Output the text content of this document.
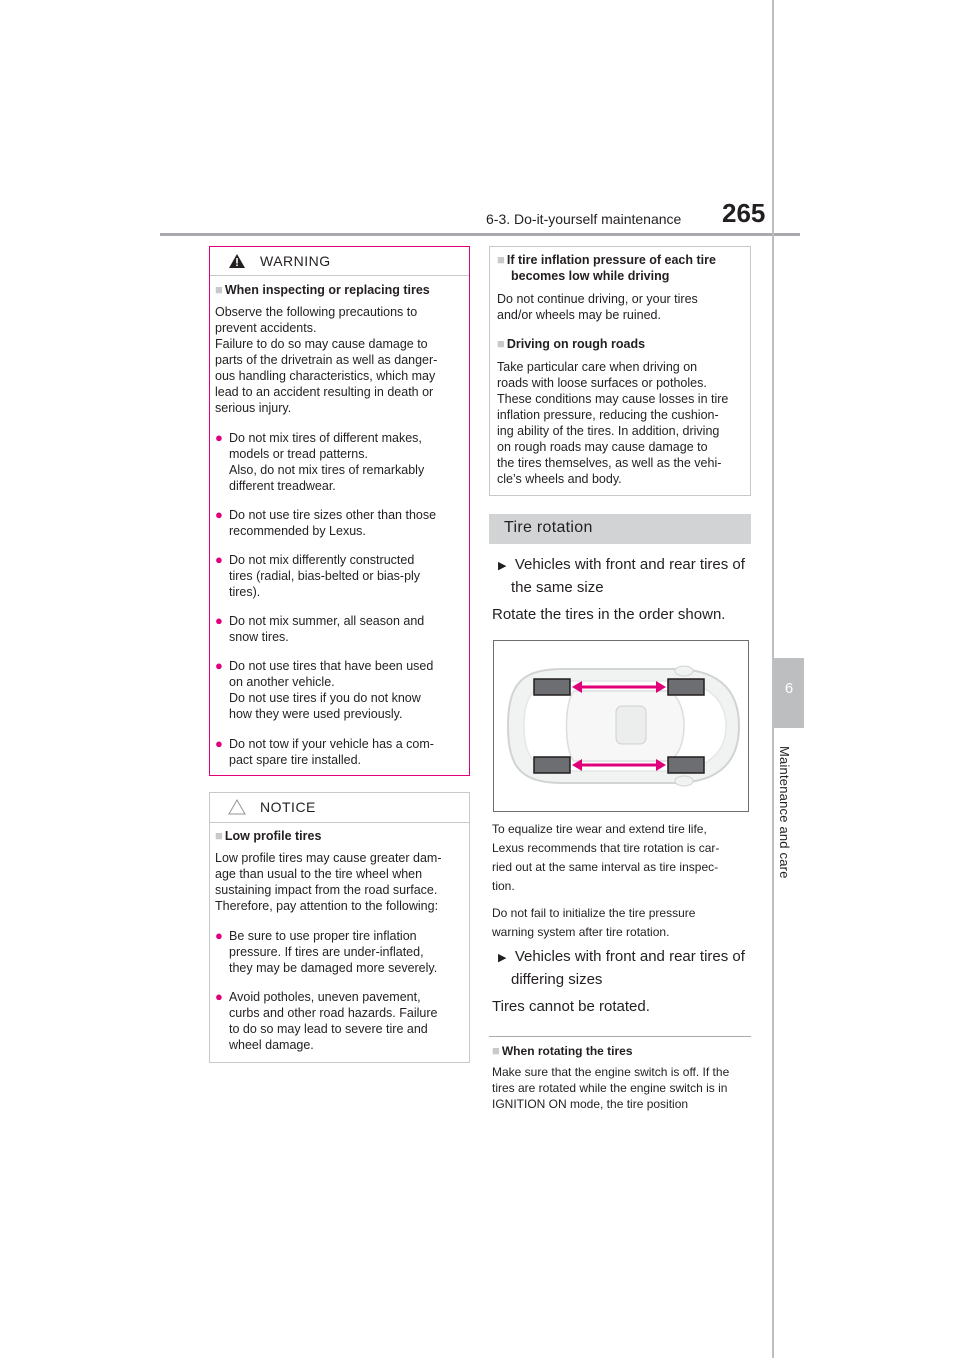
6-3. Do-it-yourself maintenance 265
6
Maintenance and care
WARNING
■ When inspecting or replacing tires
Observe the following precautions to
prevent accidents.
Failure to do so may cause damage to
parts of the drivetrain as well as danger-
ous handling characteristics, which may
lead to an accident resulting in death or
serious injury.
● Do not mix tires of different makes,
models or tread patterns.
Also, do not mix tires of remarkably
different treadwear.
● Do not use tire sizes other than those
recommended by Lexus.
● Do not mix differently constructed
tires (radial, bias-belted or bias-ply
tires).
● Do not mix summer, all season and
snow tires.
● Do not use tires that have been used
on another vehicle.
Do not use tires if you do not know
how they were used previously.
● Do not tow if your vehicle has a com-
pact spare tire installed.
NOTICE
■ Low profile tires
Low profile tires may cause greater dam-
age than usual to the tire wheel when
sustaining impact from the road surface.
Therefore, pay attention to the following:
● Be sure to use proper tire inflation
pressure. If tires are under-inflated,
they may be damaged more severely.
● Avoid potholes, uneven pavement,
curbs and other road hazards. Failure
to do so may lead to severe tire and
wheel damage.
■ If tire inflation pressure of each tire
becomes low while driving
Do not continue driving, or your tires
and/or wheels may be ruined.
■ Driving on rough roads
Take particular care when driving on
roads with loose surfaces or potholes.
These conditions may cause losses in tire
inflation pressure, reducing the cushion-
ing ability of the tires. In addition, driving
on rough roads may cause damage to
the tires themselves, as well as the vehi-
cle’s wheels and body.
Tire rotation
▶ Vehicles with front and rear tires of
the same size
Rotate the tires in the order shown.
To equalize tire wear and extend tire life,
Lexus recommends that tire rotation is car-
ried out at the same interval as tire inspec-
tion.
Do not fail to initialize the tire pressure
warning system after tire rotation.
▶ Vehicles with front and rear tires of
differing sizes
Tires cannot be rotated.
■ When rotating the tires
Make sure that the engine switch is off. If the
tires are rotated while the engine switch is in
IGNITION ON mode, the tire position
